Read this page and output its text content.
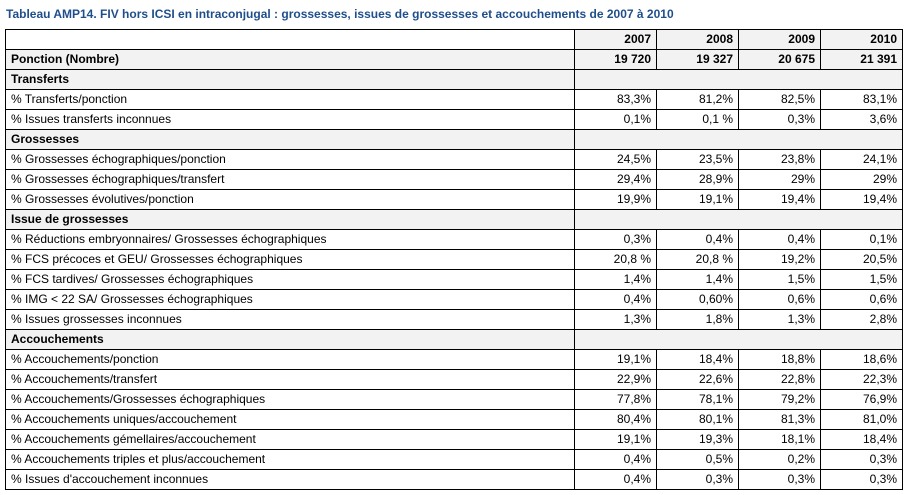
Tableau AMP14. FIV hors ICSI en intraconjugal : grossesses, issues de grossesses et accouchements de 2007 à 2010
	2007	2008	2009	2010
Ponction (Nombre)	19 720	19 327	20 675	21 391
Transferts				
% Transferts/ponction	83,3%	81,2%	82,5%	83,1%
% Issues transferts inconnues	0,1%	0,1 %	0,3%	3,6%
Grossesses				
% Grossesses échographiques/ponction	24,5%	23,5%	23,8%	24,1%
% Grossesses échographiques/transfert	29,4%	28,9%	29%	29%
% Grossesses évolutives/ponction	19,9%	19,1%	19,4%	19,4%
Issue de grossesses				
% Réductions embryonnaires/ Grossesses échographiques	0,3%	0,4%	0,4%	0,1%
% FCS précoces et GEU/ Grossesses échographiques	20,8 %	20,8 %	19,2%	20,5%
% FCS tardives/ Grossesses échographiques	1,4%	1,4%	1,5%	1,5%
% IMG < 22 SA/ Grossesses échographiques	0,4%	0,60%	0,6%	0,6%
% Issues grossesses inconnues	1,3%	1,8%	1,3%	2,8%
Accouchements				
% Accouchements/ponction	19,1%	18,4%	18,8%	18,6%
% Accouchements/transfert	22,9%	22,6%	22,8%	22,3%
% Accouchements/Grossesses échographiques	77,8%	78,1%	79,2%	76,9%
% Accouchements uniques/accouchement	80,4%	80,1%	81,3%	81,0%
% Accouchements gémellaires/accouchement	19,1%	19,3%	18,1%	18,4%
% Accouchements triples et plus/accouchement	0,4%	0,5%	0,2%	0,3%
% Issues d'accouchement inconnues	0,4%	0,3%	0,3%	0,3%
